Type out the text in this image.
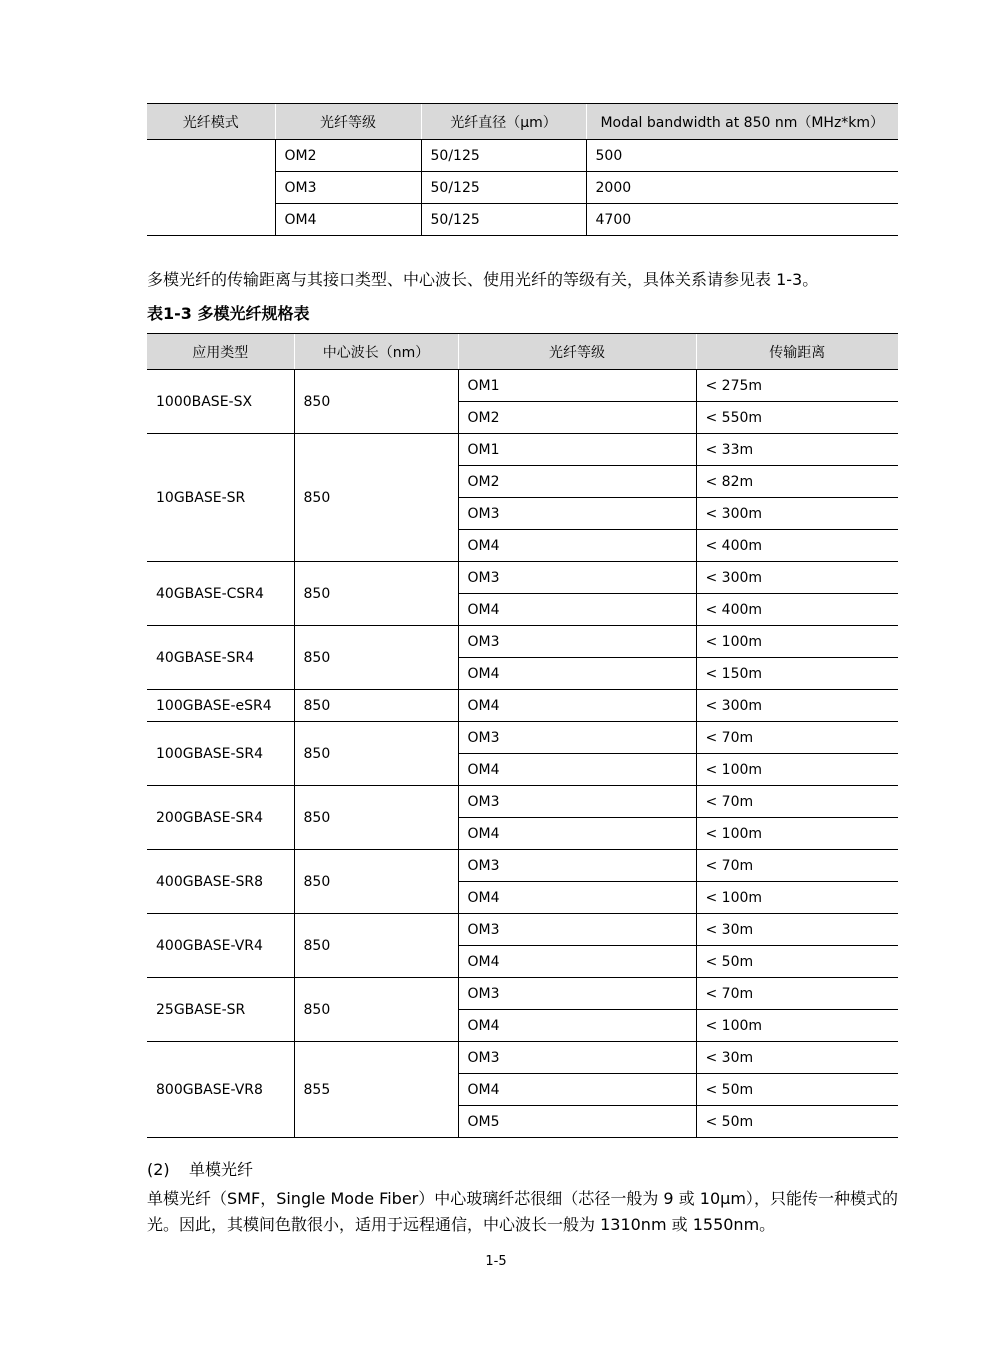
光纤模式	光纤等级	光纤直径（μm）	Modal bandwidth at 850 nm（MHz*km）
	OM2	50/125	500
	OM3	50/125	2000
	OM4	50/125	4700
多模光纤的传输距离与其接口类型、中心波长、使用光纤的等级有关，具体关系请参见表 1-3。
表1-3 多模光纤规格表
应用类型	中心波长（nm）	光纤等级	传输距离
1000BASE-SX	850	OM1	< 275m
		OM2	< 550m
10GBASE-SR	850	OM1	< 33m
		OM2	< 82m
		OM3	< 300m
		OM4	< 400m
40GBASE-CSR4	850	OM3	< 300m
		OM4	< 400m
40GBASE-SR4	850	OM3	< 100m
		OM4	< 150m
100GBASE-eSR4	850	OM4	< 300m
100GBASE-SR4	850	OM3	< 70m
		OM4	< 100m
200GBASE-SR4	850	OM3	< 70m
		OM4	< 100m
400GBASE-SR8	850	OM3	< 70m
		OM4	< 100m
400GBASE-VR4	850	OM3	< 30m
		OM4	< 50m
25GBASE-SR	850	OM3	< 70m
		OM4	< 100m
800GBASE-VR8	855	OM3	< 30m
		OM4	< 50m
		OM5	< 50m
(2) 单模光纤
单模光纤（SMF，Single Mode Fiber）中心玻璃纤芯很细（芯径一般为 9 或 10μm），只能传一种模式的光。因此，其模间色散很小，适用于远程通信，中心波长一般为 1310nm 或 1550nm。
1-5
